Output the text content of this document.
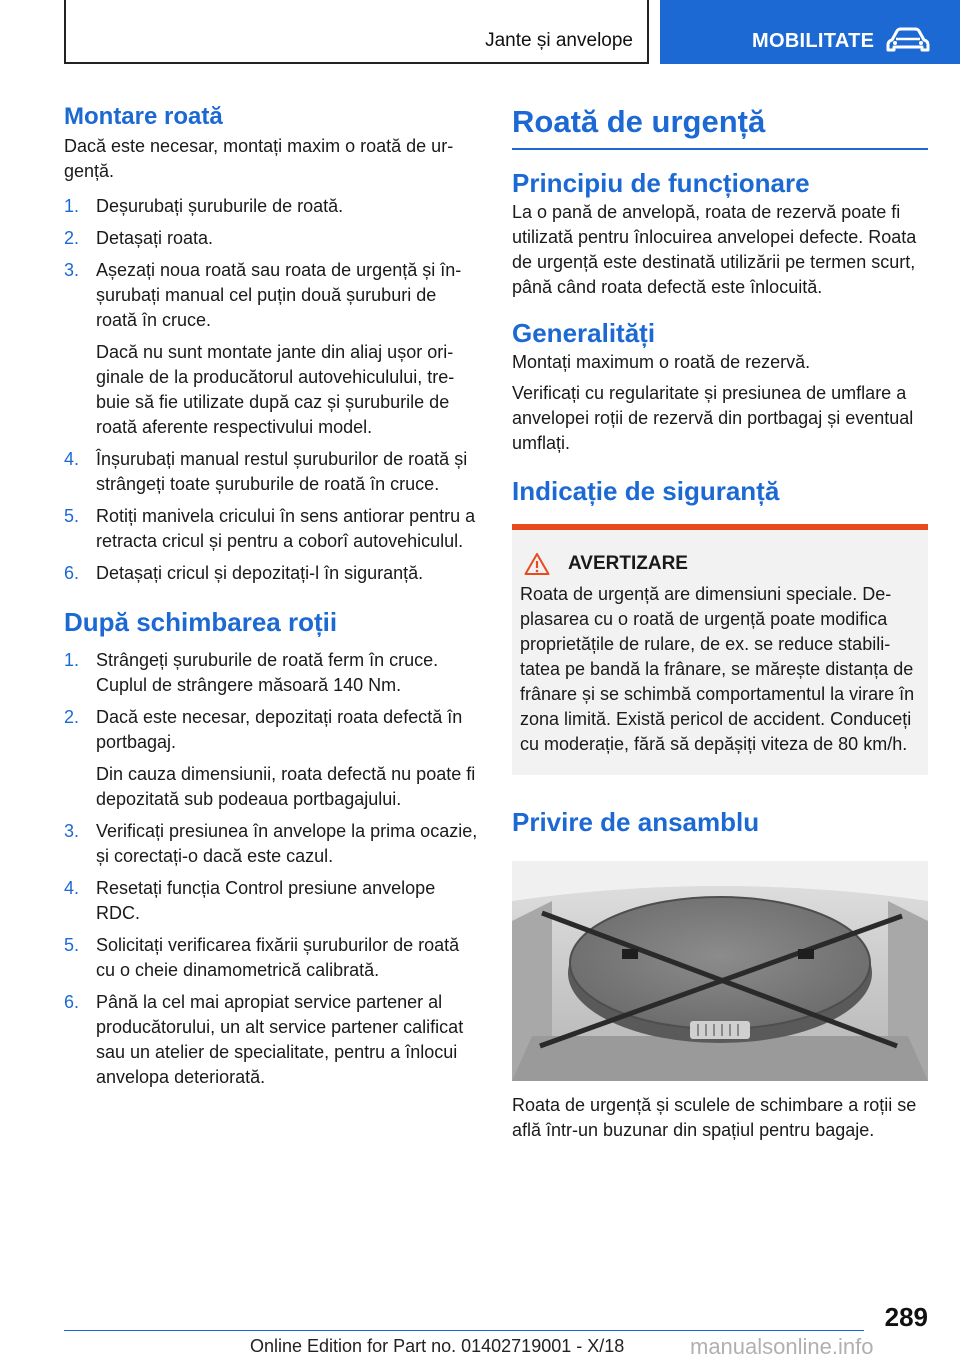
Jante și anvelope	MOBILITATE
Montare roată

Dacă este necesar, montați maxim o roată de urgență.

1. Deșurubați șuruburile de roată.
2. Detașați roata.
3. Așezați noua roată sau roata de urgență și înșurubați manual cel puțin două șuruburi de roată în cruce.
Dacă nu sunt montate jante din aliaj ușor originale de la producătorul autovehiculului, trebuie să fie utilizate după caz și șuruburile de roată aferente respectivului model.
4. Înșurubați manual restul șuruburilor de roată și strângeți toate șuruburile de roată în cruce.
5. Rotiți manivela cricului în sens antiorar pentru a retracta cricul și pentru a coborî autovehiculul.
6. Detașați cricul și depozitați-l în siguranță.
După schimbarea roții
1. Strângeți șuruburile de roată ferm în cruce. Cuplul de strângere măsoară 140 Nm.
2. Dacă este necesar, depozitați roata defectă în portbagaj.
Din cauza dimensiunii, roata defectă nu poate fi depozitată sub podeaua portbagajului.
3. Verificați presiunea în anvelope la prima ocazie, și corectați-o dacă este cazul.
4. Resetați funcția Control presiune anvelope RDC.
5. Solicitați verificarea fixării șuruburilor de roată cu o cheie dinamometrică calibrată.
6. Până la cel mai apropiat service partener al producătorului, un alt service partener calificat sau un atelier de specialitate, pentru a înlocui anvelopa deteriorată.
Roată de urgență
Principiu de funcționare

La o pană de anvelopă, roata de rezervă poate fi utilizată pentru înlocuirea anvelopei defecte. Roata de urgență este destinată utilizării pe termen scurt, până când roata defectă este înlocuită.

Generalități

Montați maximum o roată de rezervă.

Verificați cu regularitate și presiunea de umflare a anvelopei roții de rezervă din portbagaj și eventual umflați.

Indicație de siguranță
AVERTIZARE

Roata de urgență are dimensiuni speciale. Deplasarea cu o roată de urgență poate modifica proprietățile de rulare, de ex. se reduce stabilitatea pe bandă la frânare, se mărește distanța de frânare și se schimbă comportamentul la virare în zona limită. Există pericol de accident. Conduceți cu moderație, fără să depășiți viteza de 80 km/h.

Privire de ansamblu

Roata de urgență și sculele de schimbare a roții se află într-un buzunar din spațiul pentru bagaje.

289
Online Edition for Part no. 01402719001 - X/18	manualsonline.info
